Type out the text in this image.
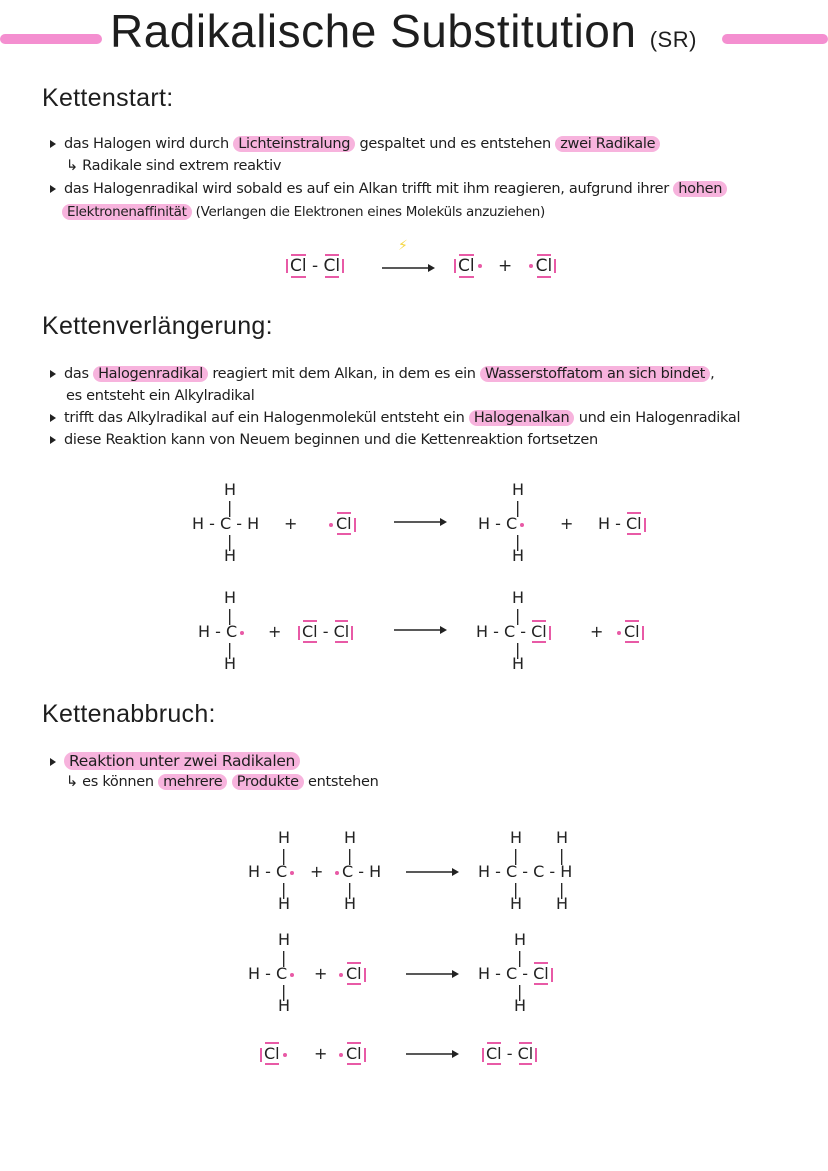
Radikalische Substitution (SR)
Kettenstart:
das Halogen wird durch Lichteinstralung gespaltet und es entstehen zwei Radikale
↳ Radikale sind extrem reaktiv
das Halogenradikal wird sobald es auf ein Alkan trifft mit ihm reagieren, aufgrund ihrer hohen
Elektronenaffinität (Verlangen die Elektronen eines Moleküls anzuziehen)
Cl - Cl
⚡
Cl + Cl
Kettenverlängerung:
das Halogenradikal reagiert mit dem Alkan, in dem es ein Wasserstoffatom an sich bindet ,
es entsteht ein Alkylradikal
trifft das Alkylradikal auf ein Halogenmolekül entsteht ein Halogenalkan und ein Halogenradikal
diese Reaktion kann von Neuem beginnen und die Kettenreaktion fortsetzen
H
|
H - C - H
|
H
+	Cl
H
|
H - C
|
H
+ H - Cl
H
|
H - C
|
H
+	Cl - Cl
H
|
H - C - Cl
|
H
+	Cl
Kettenabbruch:
Reaktion unter zwei Radikalen
↳ es können mehrere Produkte entstehen
H
|
H - C
|
H
+
H
|
C - H
|
H
H H
|	|
H - C - C - H
|	|
H H
H
|
H - C
|
H
+	Cl
H
|
H - C - Cl
|
H
Cl	+	Cl	Cl - Cl
